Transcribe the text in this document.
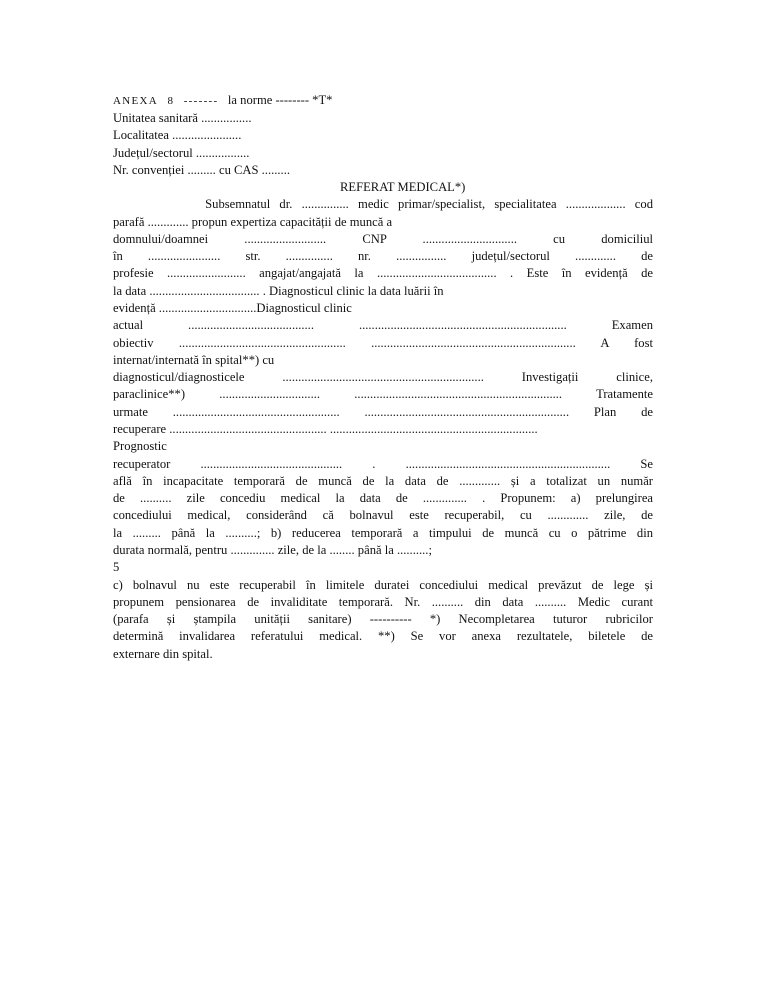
ANEXA 8 ------- la norme -------- *T*
Unitatea sanitară ................
Localitatea ......................
Județul/sectorul .................
Nr. convenției ......... cu CAS .........
REFERAT MEDICAL*)
Subsemnatul dr. ............... medic primar/specialist, specialitatea ................... cod
parafă ............. propun expertiza capacității de muncă a
domnului/doamnei .......................... CNP .............................. cu domiciliul
în ....................... str. ............... nr. ................ județul/sectorul ............. de
profesie ......................... angajat/angajată la ...................................... . Este în evidență de
la data ................................... . Diagnosticul clinic la data luării în
evidență ...............................Diagnosticul clinic
actual ........................................ .................................................................. Examen
obiectiv ..................................................... ................................................................. A fost
internat/internată în spital**) cu
diagnosticul/diagnosticele ................................................................ Investigații clinice,
paraclinice**) ................................ .................................................................. Tratamente
urmate ..................................................... ................................................................. Plan de
recuperare .................................................. ..................................................................
Prognostic
recuperator ............................................. . ................................................................. Se
află în incapacitate temporară de muncă de la data de ............. și a totalizat un număr
de .......... zile concediu medical la data de .............. . Propunem: a) prelungirea
concediului medical, considerând că bolnavul este recuperabil, cu ............. zile, de
la ......... până la ..........; b) reducerea temporară a timpului de muncă cu o pătrime din
durata normală, pentru .............. zile, de la ........ până la ..........;
5
c) bolnavul nu este recuperabil în limitele duratei concediului medical prevăzut de lege și
propunem pensionarea de invaliditate temporară. Nr. .......... din data .......... Medic curant
(parafa și ștampila unității sanitare) ---------- *) Necompletarea tuturor rubricilor
determină invalidarea referatului medical. **) Se vor anexa rezultatele, biletele de
externare din spital.
